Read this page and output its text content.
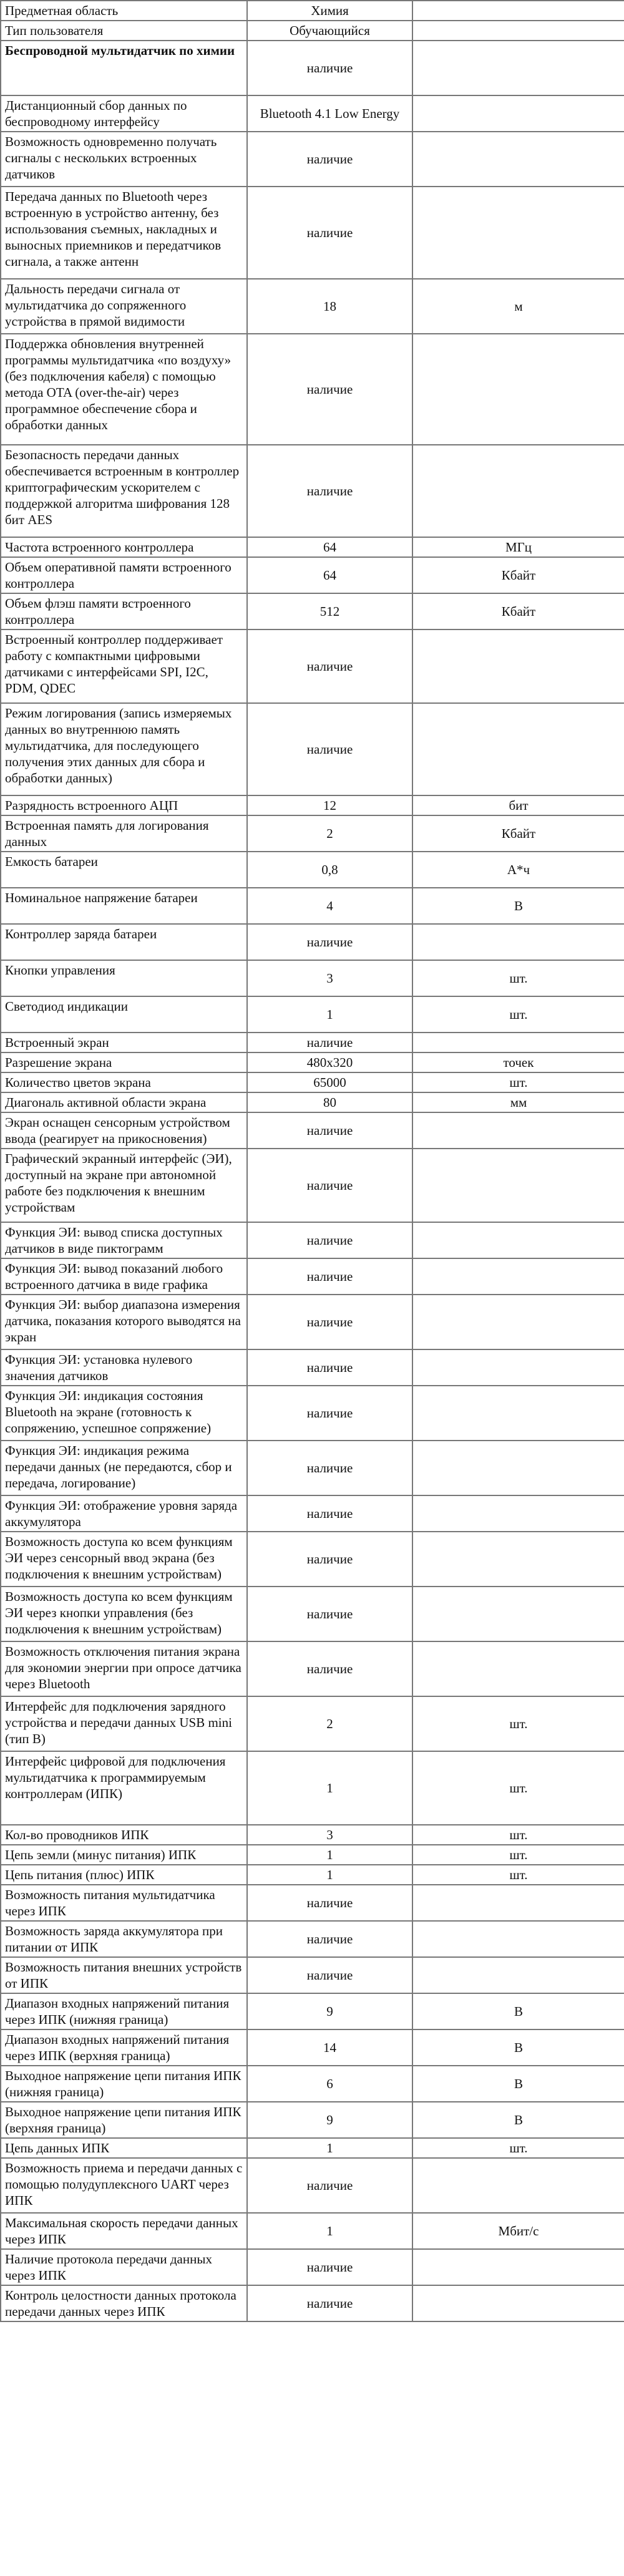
Предметная область	Химия	
Тип пользователя	Обучающийся	
Беспроводной мультидатчик по химии	наличие	
Дистанционный сбор данных по беспроводному интерфейсу	Bluetooth 4.1 Low Energy	
Возможность одновременно получать сигналы с нескольких встроенных датчиков	наличие	
Передача данных по Bluetooth через встроенную в устройство антенну, без использования съемных, накладных и выносных приемников и передатчиков сигнала, а также антенн	наличие	
Дальность передачи сигнала от мультидатчика до сопряженного устройства в прямой видимости	18	м
Поддержка обновления внутренней программы мультидатчика «по воздуху» (без подключения кабеля) с помощью метода OTA (over-the-air) через программное обеспечение сбора и обработки данных	наличие	
Безопасность передачи данных обеспечивается встроенным в контроллер криптографическим ускорителем с поддержкой алгоритма шифрования 128 бит AES	наличие	
Частота встроенного контроллера	64	МГц
Объем оперативной памяти встроенного контроллера	64	Кбайт
Объем флэш памяти встроенного контроллера	512	Кбайт
Встроенный контроллер поддерживает работу с компактными цифровыми датчиками с интерфейсами SPI, I2C, PDM, QDEC	наличие	
Режим логирования (запись измеряемых данных во внутреннюю память мультидатчика, для последующего получения этих данных для сбора и обработки данных)	наличие	
Разрядность встроенного АЦП	12	бит
Встроенная память для логирования данных	2	Кбайт
Емкость батареи	0,8	А*ч
Номинальное напряжение батареи	4	В
Контроллер заряда батареи	наличие	
Кнопки управления	3	шт.
Светодиод индикации	1	шт.
Встроенный экран	наличие	
Разрешение экрана	480x320	точек
Количество цветов экрана	65000	шт.
Диагональ активной области экрана	80	мм
Экран оснащен сенсорным устройством ввода (реагирует на прикосновения)	наличие	
Графический экранный интерфейс (ЭИ), доступный на экране при автономной работе без подключения к внешним устройствам	наличие	
Функция ЭИ: вывод списка доступных датчиков в виде пиктограмм	наличие	
Функция ЭИ: вывод показаний любого встроенного датчика в виде графика	наличие	
Функция ЭИ: выбор диапазона измерения датчика, показания которого выводятся на экран	наличие	
Функция ЭИ: установка нулевого значения датчиков	наличие	
Функция ЭИ: индикация состояния Bluetooth на экране (готовность к сопряжению, успешное сопряжение)	наличие	
Функция ЭИ: индикация режима передачи данных (не передаются, сбор и передача, логирование)	наличие	
Функция ЭИ: отображение уровня заряда аккумулятора	наличие	
Возможность доступа ко всем функциям ЭИ через сенсорный ввод экрана (без подключения к внешним устройствам)	наличие	
Возможность доступа ко всем функциям ЭИ через кнопки управления (без подключения к внешним устройствам)	наличие	
Возможность отключения питания экрана для экономии энергии при опросе датчика через Bluetooth	наличие	
Интерфейс для подключения зарядного устройства и передачи данных USB mini (тип B)	2	шт.
Интерфейс цифровой для подключения мультидатчика к программируемым контроллерам (ИПК)	1	шт.
Кол-во проводников ИПК	3	шт.
Цепь земли (минус питания) ИПК	1	шт.
Цепь питания (плюс) ИПК	1	шт.
Возможность питания мультидатчика через ИПК	наличие	
Возможность заряда аккумулятора при питании от ИПК	наличие	
Возможность питания внешних устройств от ИПК	наличие	
Диапазон входных напряжений питания через ИПК (нижняя граница)	9	В
Диапазон входных напряжений питания через ИПК (верхняя граница)	14	В
Выходное напряжение цепи питания ИПК (нижняя граница)	6	В
Выходное напряжение цепи питания ИПК (верхняя граница)	9	В
Цепь данных ИПК	1	шт.
Возможность приема и передачи данных с помощью полудуплексного UART через ИПК	наличие	
Максимальная скорость передачи данных через ИПК	1	Мбит/с
Наличие протокола передачи данных через ИПК	наличие	
Контроль целостности данных протокола передачи данных через ИПК	наличие	
